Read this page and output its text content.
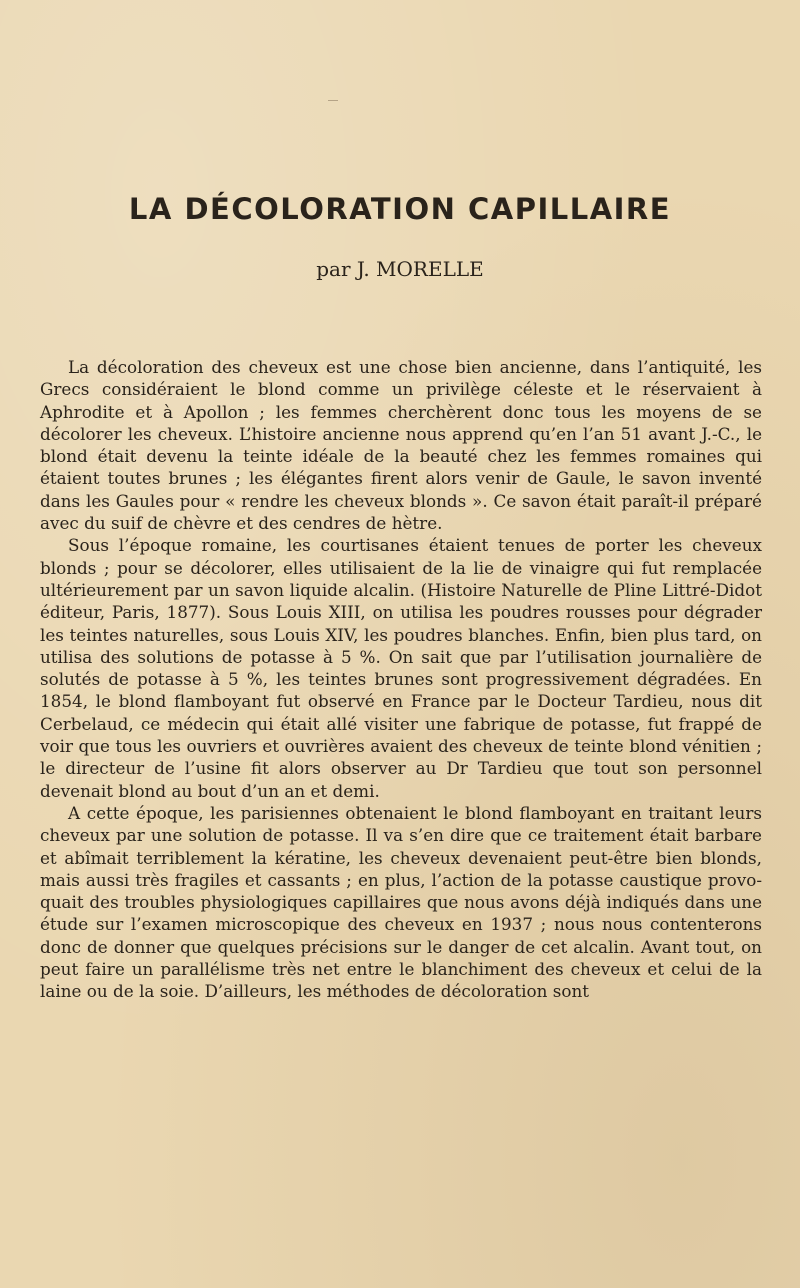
LA DÉCOLORATION CAPILLAIRE

par J. MORELLE

La décoloration des cheveux est une chose bien ancienne, dans l’antiquité, les Grecs considéraient le blond comme un privilège céleste et le réservaient à Aphrodite et à Apollon ; les femmes cherchèrent donc tous les moyens de se décolorer les cheveux. L’histoire ancienne nous apprend qu’en l’an 51 avant J.-C., le blond était devenu la teinte idéale de la beauté chez les femmes romaines qui étaient toutes brunes ; les élégantes firent alors venir de Gaule, le savon inventé dans les Gaules pour « rendre les cheveux blonds ». Ce savon était paraît-il préparé avec du suif de chèvre et des cendres de hètre.

Sous l’époque romaine, les courtisanes étaient tenues de porter les cheveux blonds ; pour se décolorer, elles utilisaient de la lie de vinaigre qui fut remplacée ultérieurement par un savon liquide alcalin. (Histoire Naturelle de Pline Littré-Didot éditeur, Paris, 1877). Sous Louis XIII, on utilisa les poudres rousses pour dégrader les teintes naturelles, sous Louis XIV, les poudres blanches. Enfin, bien plus tard, on utilisa des solutions de potasse à 5 %. On sait que par l’utilisation journalière de solutés de potasse à 5 %, les teintes brunes sont progressivement dégradées. En 1854, le blond flamboyant fut observé en France par le Docteur Tardieu, nous dit Cerbelaud, ce médecin qui était allé visiter une fabrique de potasse, fut frappé de voir que tous les ouvriers et ouvrières avaient des cheveux de teinte blond vénitien ; le directeur de l’usine fit alors observer au Dr Tardieu que tout son personnel devenait blond au bout d’un an et demi.

A cette époque, les parisiennes obtenaient le blond flamboyant en traitant leurs cheveux par une solution de potasse. Il va s’en dire que ce traitement était barbare et abîmait terriblement la kératine, les cheveux devenaient peut-être bien blonds, mais aussi très fragiles et cassants ; en plus, l’action de la potasse caustique provoquait des troubles physiologiques capillaires que nous avons déjà indiqués dans une étude sur l’examen microscopique des cheveux en 1937 ; nous nous contenterons donc de donner que quelques précisions sur le danger de cet alcalin. Avant tout, on peut faire un parallélisme très net entre le blanchiment des cheveux et celui de la laine ou de la soie. D’ailleurs, les méthodes de décoloration sont
